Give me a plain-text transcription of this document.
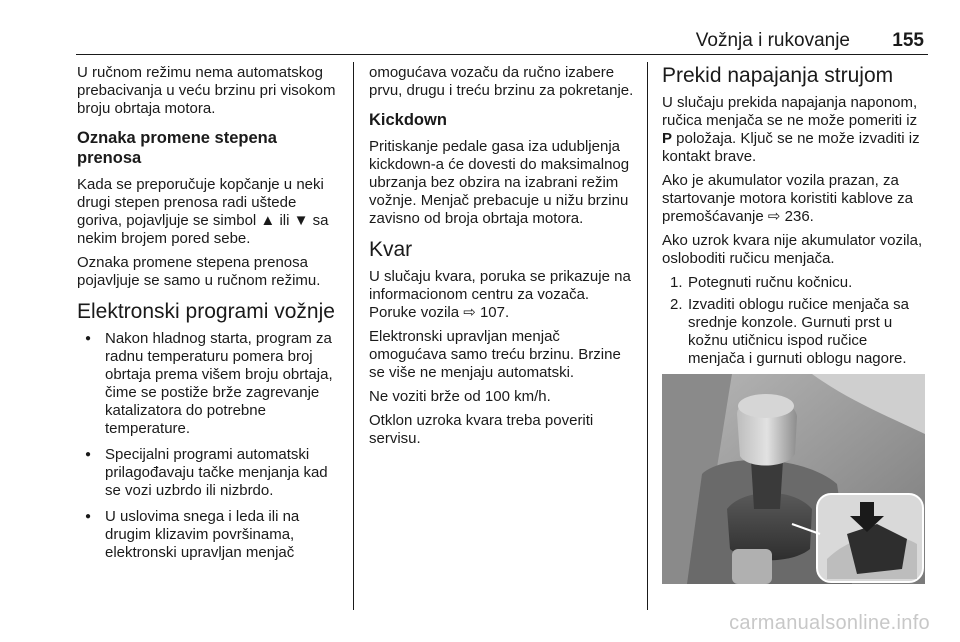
Vožnja i rukovanje 155

U ručnom režimu nema automatskog prebacivanja u veću brzinu pri visokom broju obrtaja motora.

Oznaka promene stepena prenosa

Kada se preporučuje kopčanje u neki drugi stepen prenosa radi uštede goriva, pojavljuje se simbol ▲ ili ▼ sa nekim brojem pored sebe.

Oznaka promene stepena prenosa pojavljuje se samo u ručnom režimu.

Elektronski programi vožnje
● Nakon hladnog starta, program za radnu temperaturu pomera broj obrtaja prema višem broju obrtaja, čime se postiže brže zagrevanje katalizatora do potrebne temperature.
● Specijalni programi automatski prilagođavaju tačke menjanja kad se vozi uzbrdo ili nizbrdo.
● U uslovima snega i leda ili na drugim klizavim površinama, elektronski upravljan menjač

omogućava vozaču da ručno izabere prvu, drugu i treću brzinu za pokretanje.

Kickdown

Pritiskanje pedale gasa iza udubljenja kickdown-a će dovesti do maksimalnog ubrzanja bez obzira na izabrani režim vožnje. Menjač prebacuje u nižu brzinu zavisno od broja obrtaja motora.

Kvar

U slučaju kvara, poruka se prikazuje na informacionom centru za vozača. Poruke vozila ⇨ 107.

Elektronski upravljan menjač omogućava samo treću brzinu. Brzine se više ne menjaju automatski.

Ne voziti brže od 100 km/h.

Otklon uzroka kvara treba poveriti servisu.

Prekid napajanja strujom

U slučaju prekida napajanja naponom, ručica menjača se ne može pomeriti iz P položaja. Ključ se ne može izvaditi iz kontakt brave.

Ako je akumulator vozila prazan, za startovanje motora koristiti kablove za premošćavanje ⇨ 236.

Ako uzrok kvara nije akumulator vozila, osloboditi ručicu menjača.

1. Potegnuti ručnu kočnicu.
2. Izvaditi oblogu ručice menjača sa srednje konzole. Gurnuti prst u kožnu utičnicu ispod ručice menjača i gurnuti oblogu nagore.
carmanualsonline.info
